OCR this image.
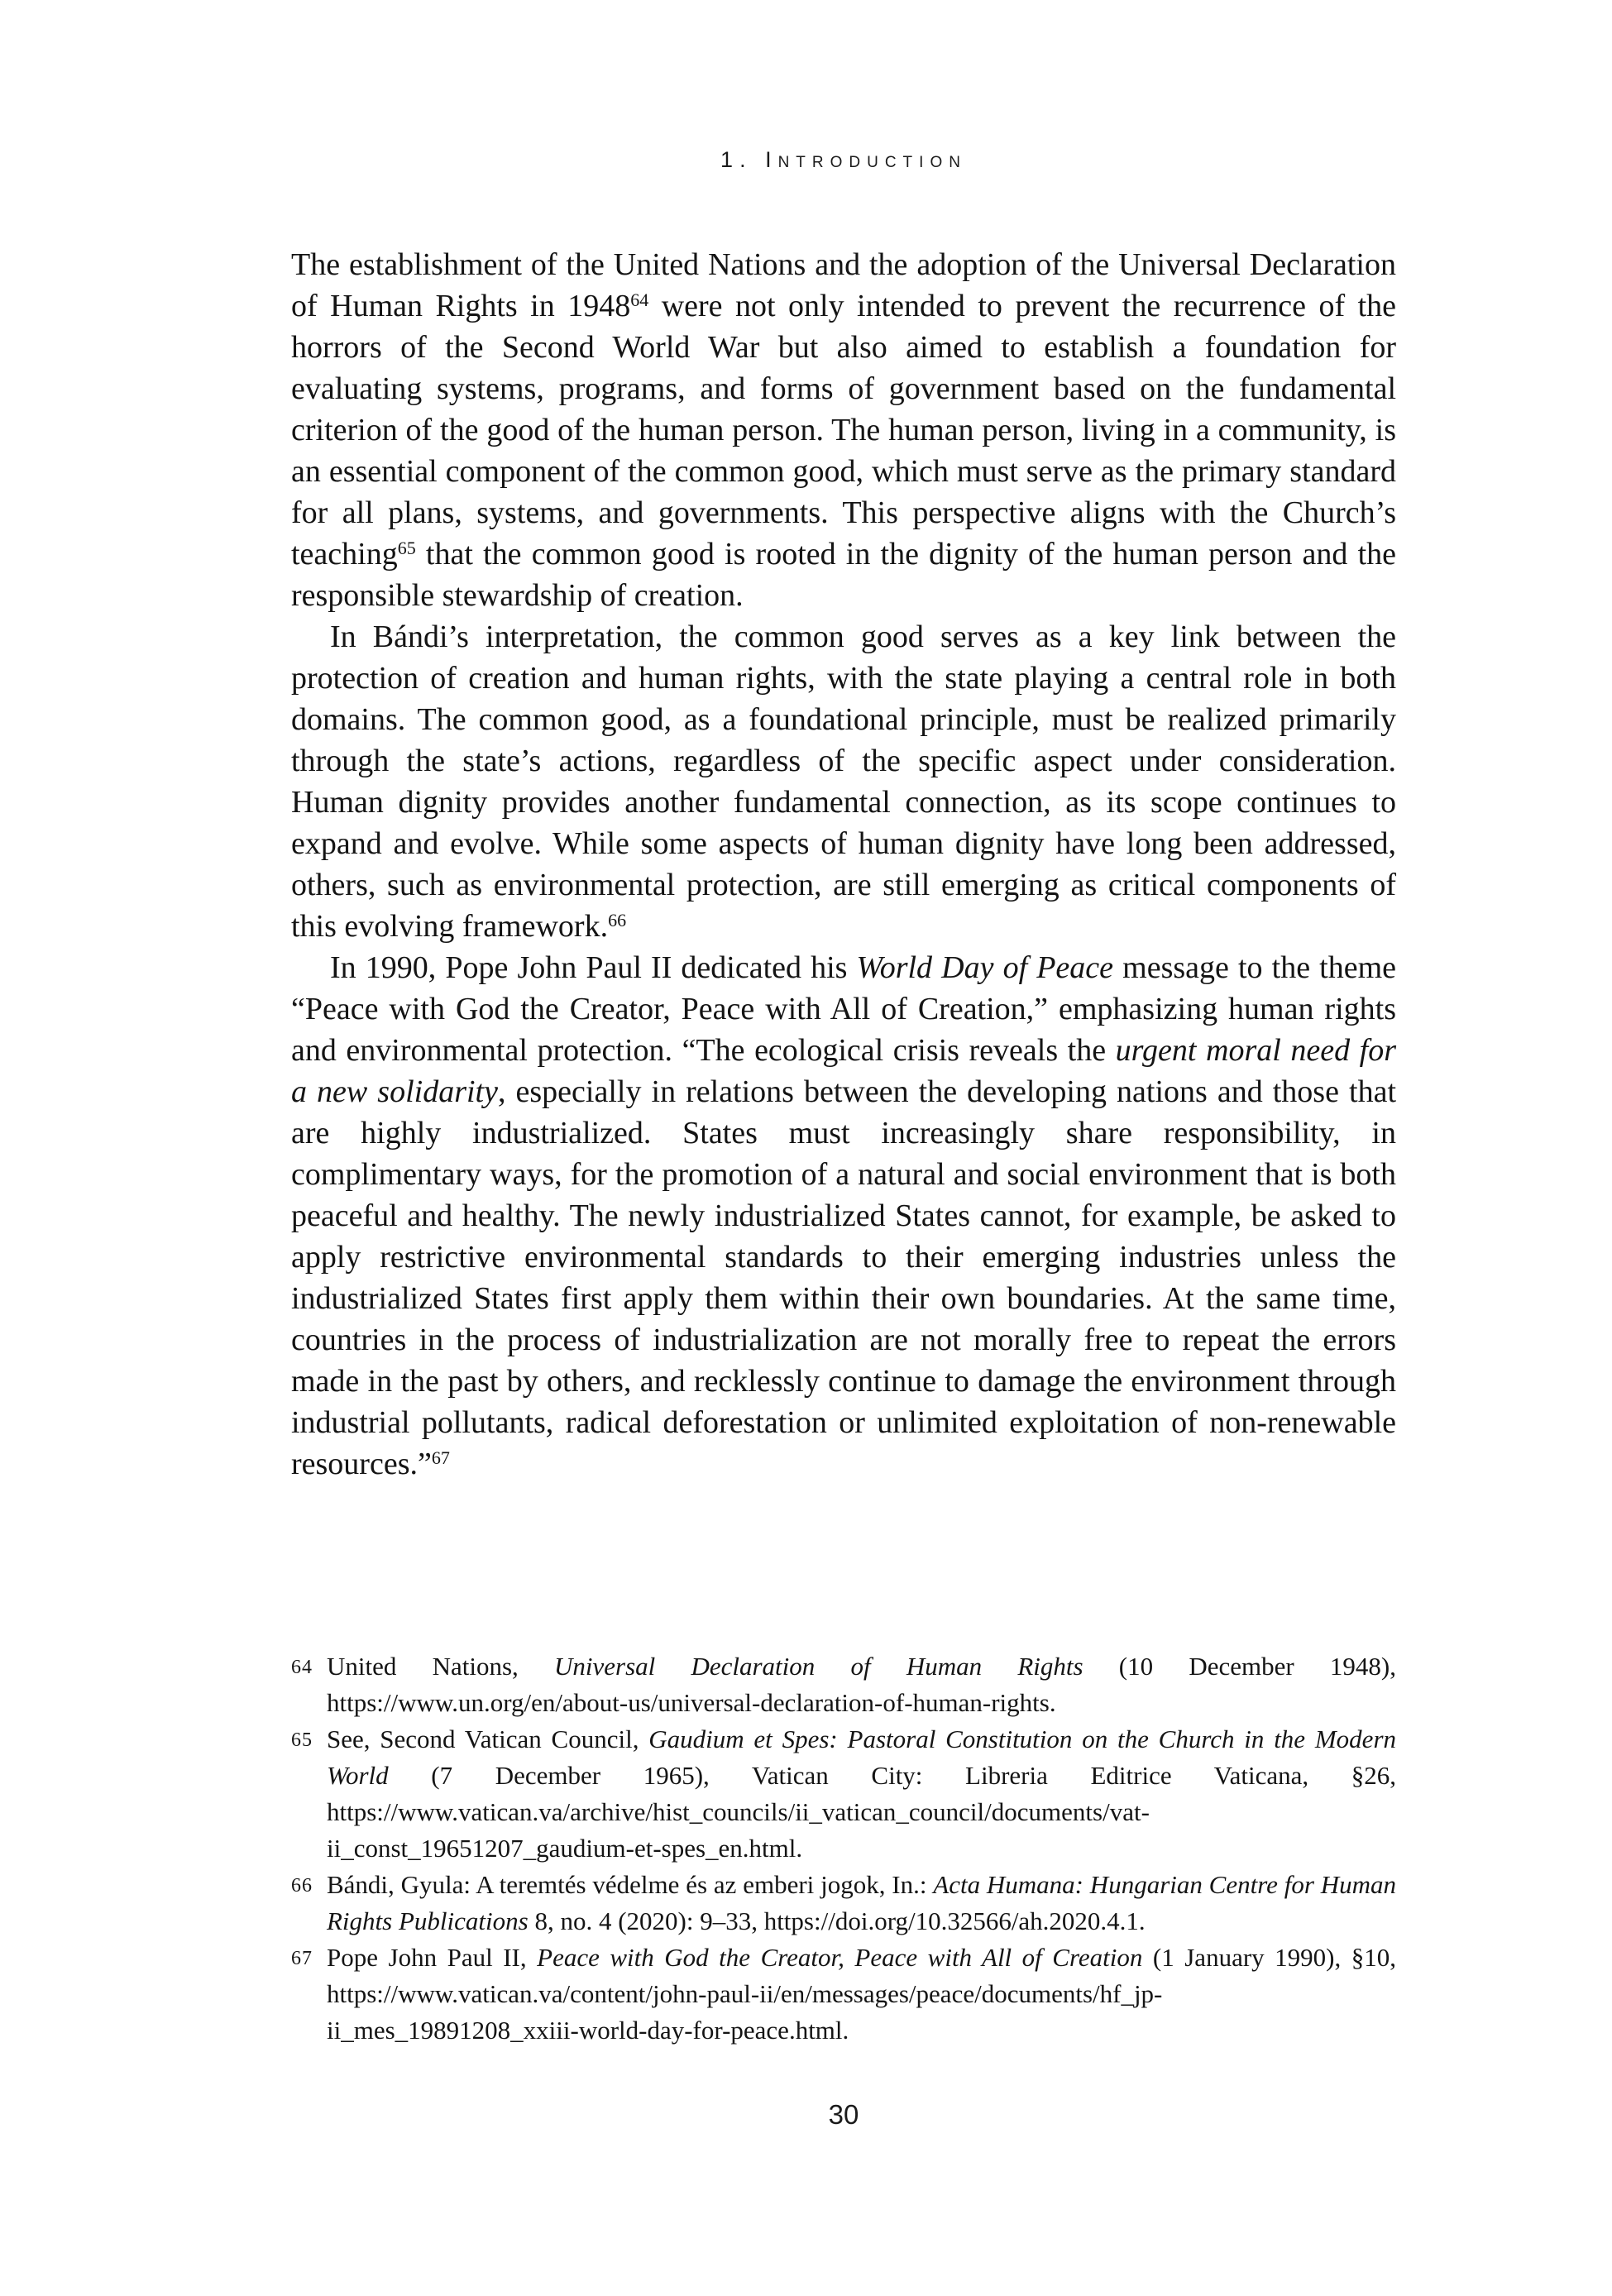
1. Introduction

The establishment of the United Nations and the adoption of the Universal Declaration of Human Rights in 1948$^{64}$ were not only intended to prevent the recurrence of the horrors of the Second World War but also aimed to establish a foundation for evaluating systems, programs, and forms of government based on the fundamental criterion of the good of the human person. The human person, living in a community, is an essential component of the common good, which must serve as the primary standard for all plans, systems, and governments. This perspective aligns with the Church’s teaching$^{65}$ that the common good is rooted in the dignity of the human person and the responsible stewardship of creation.

In Bándi’s interpretation, the common good serves as a key link between the protection of creation and human rights, with the state playing a central role in both domains. The common good, as a foundational principle, must be realized primarily through the state’s actions, regardless of the specific aspect under consideration. Human dignity provides another fundamental connection, as its scope continues to expand and evolve. While some aspects of human dignity have long been addressed, others, such as environmental protection, are still emerging as critical components of this evolving framework.$^{66}$

In 1990, Pope John Paul II dedicated his World Day of Peace message to the theme “Peace with God the Creator, Peace with All of Creation,” emphasizing human rights and environmental protection. “The ecological crisis reveals the urgent moral need for a new solidarity, especially in relations between the developing nations and those that are highly industrialized. States must increasingly share responsibility, in complimentary ways, for the promotion of a natural and social environment that is both peaceful and healthy. The newly industrialized States cannot, for example, be asked to apply restrictive environmental standards to their emerging industries unless the industrialized States first apply them within their own boundaries. At the same time, countries in the process of industrialization are not morally free to repeat the errors made in the past by others, and recklessly continue to damage the environment through industrial pollutants, radical deforestation or unlimited exploitation of non-renewable resources.”$^{67}$

64 United Nations, Universal Declaration of Human Rights (10 December 1948), https://www.un.org/en/about-us/universal-declaration-of-human-rights.
65 See, Second Vatican Council, Gaudium et Spes: Pastoral Constitution on the Church in the Modern World (7 December 1965), Vatican City: Libreria Editrice Vaticana, §26, https://www.vatican.va/archive/hist_councils/ii_vatican_council/documents/vat-ii_const_19651207_gaudium-et-spes_en.html.
66 Bándi, Gyula: A teremtés védelme és az emberi jogok, In.: Acta Humana: Hungarian Centre for Human Rights Publications 8, no. 4 (2020): 9–33, https://doi.org/10.32566/ah.2020.4.1.
67 Pope John Paul II, Peace with God the Creator, Peace with All of Creation (1 January 1990), §10, https://www.vatican.va/content/john-paul-ii/en/messages/peace/documents/hf_jp-ii_mes_19891208_xxiii-world-day-for-peace.html.
30
